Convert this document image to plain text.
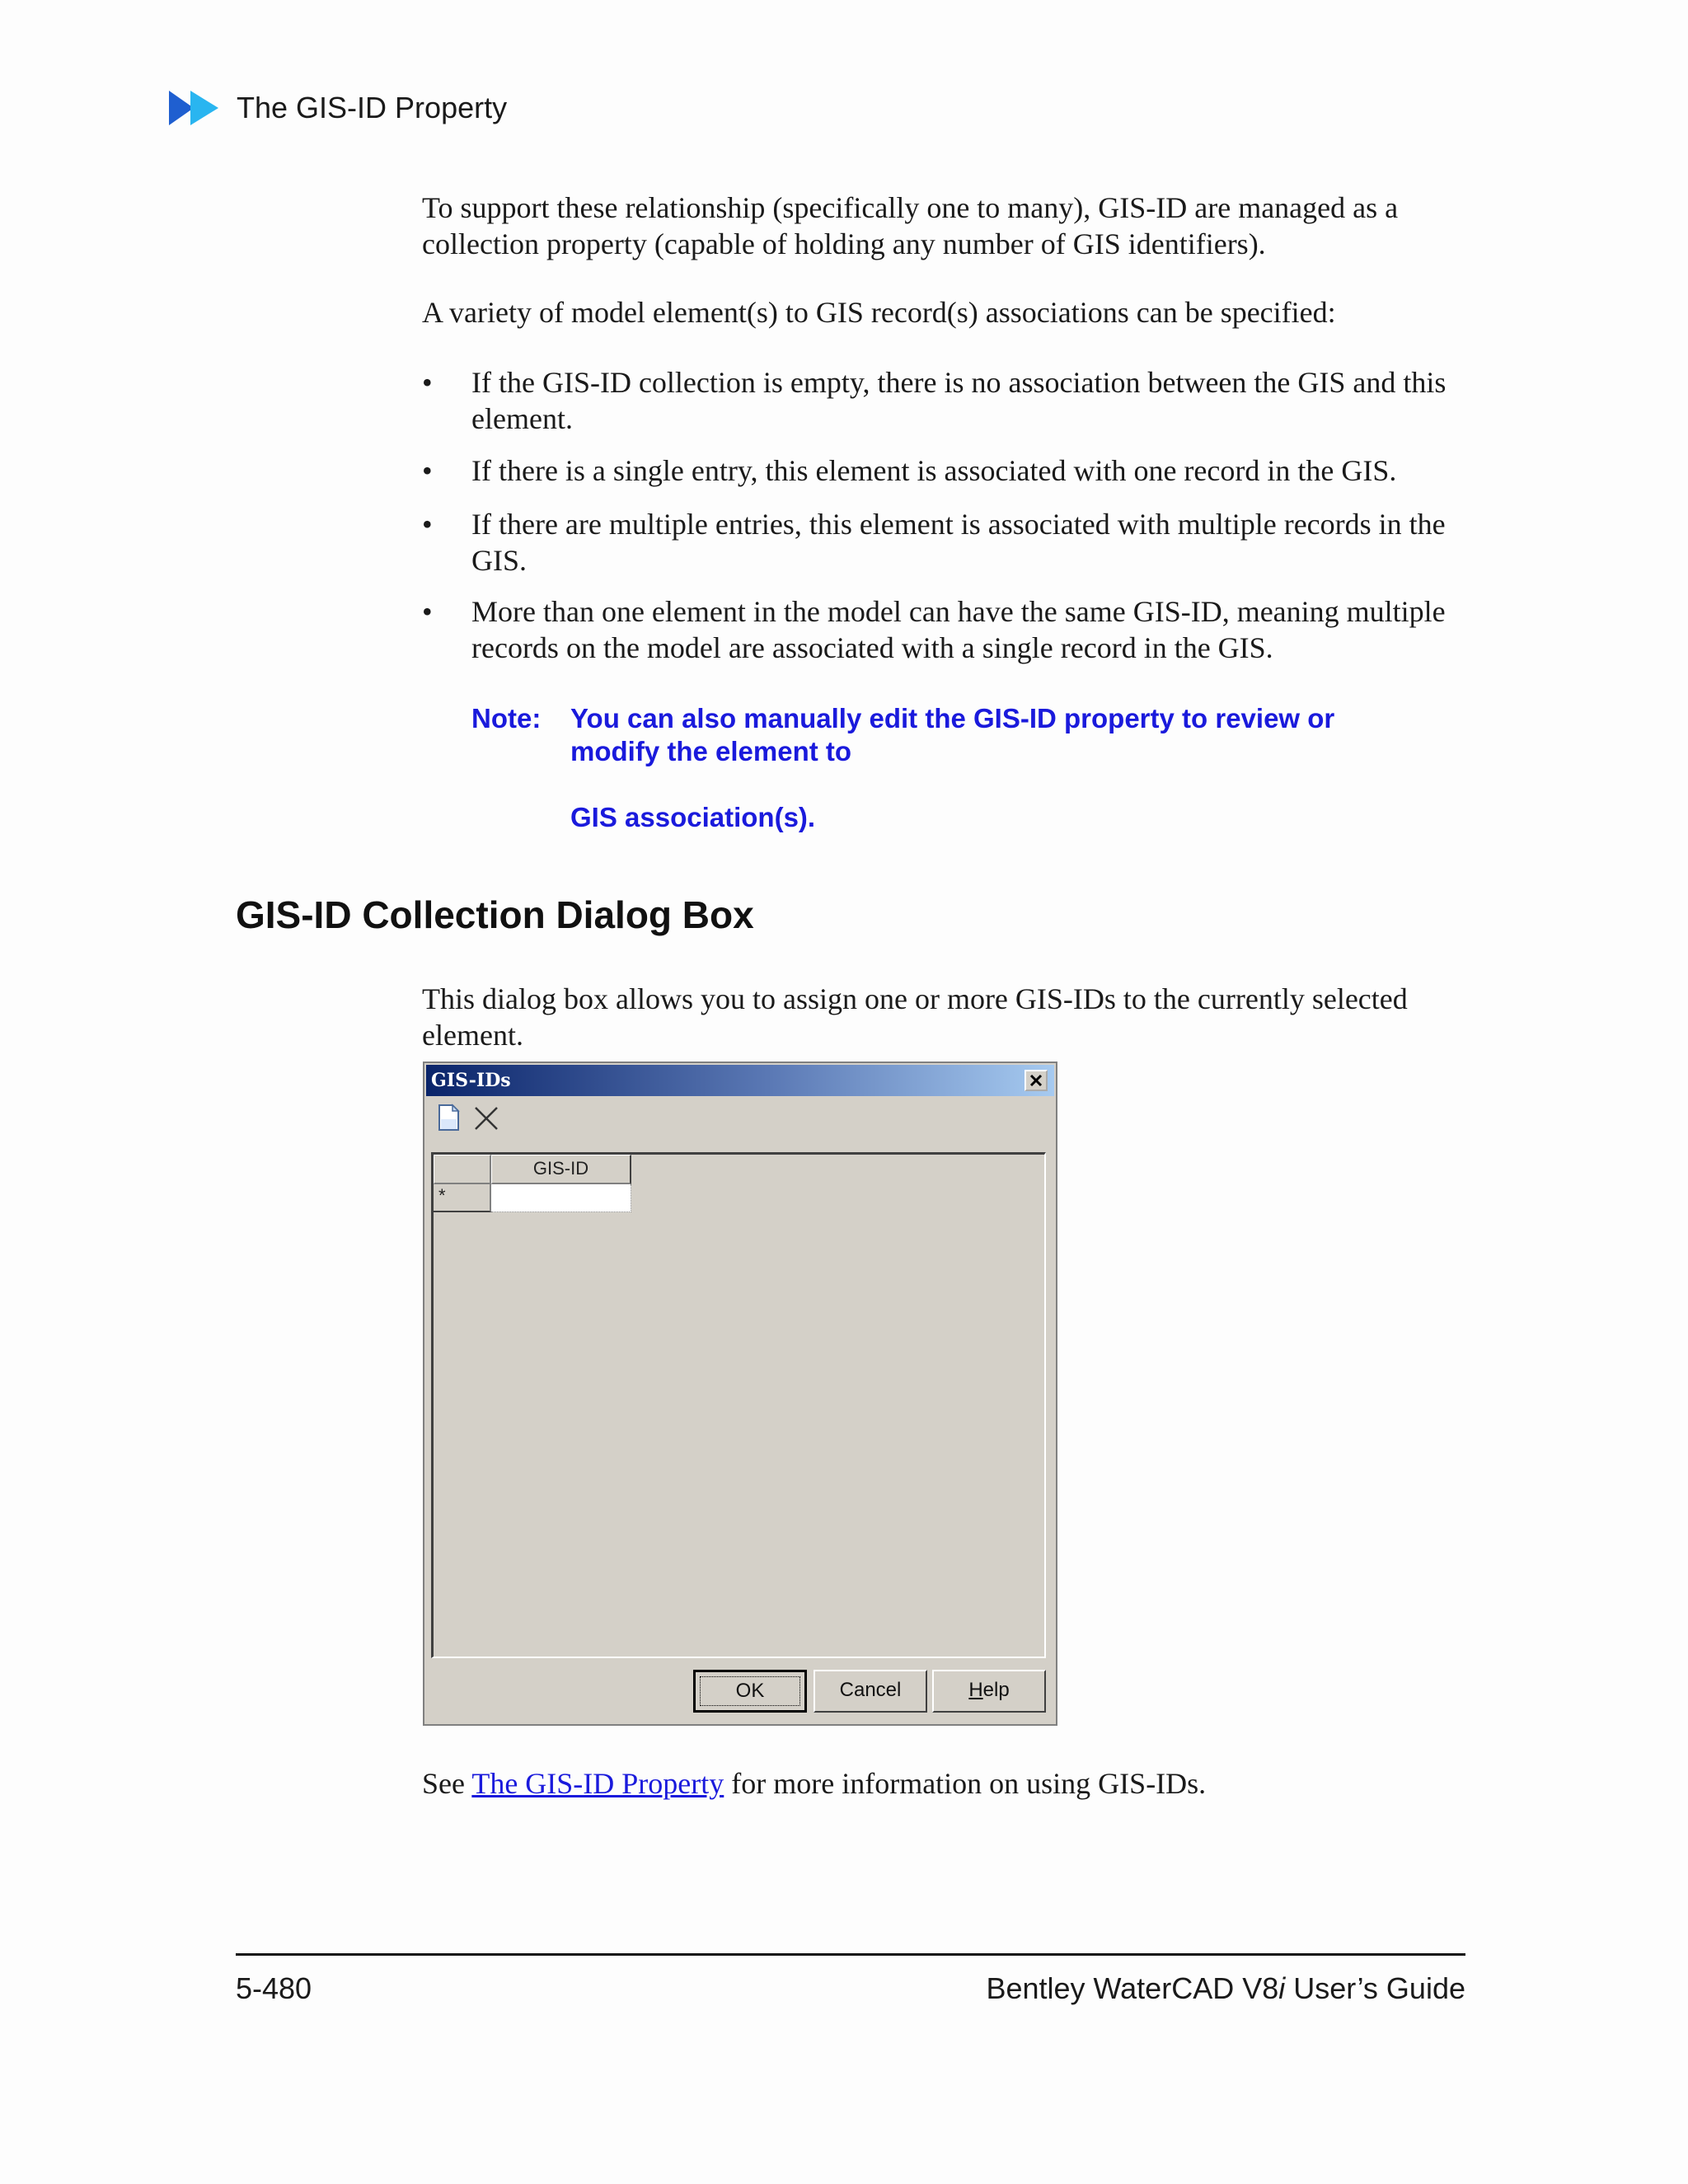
The GIS-ID Property
To support these relationship (specifically one to many), GIS-ID are managed as a collection property (capable of holding any number of GIS identifiers).
A variety of model element(s) to GIS record(s) associations can be specified:
• If the GIS-ID collection is empty, there is no association between the GIS and this element.
• If there is a single entry, this element is associated with one record in the GIS.
• If there are multiple entries, this element is associated with multiple records in the GIS.
• More than one element in the model can have the same GIS-ID, meaning multiple records on the model are associated with a single record in the GIS.
Note: You can also manually edit the GIS-ID property to review or modify the element to
GIS association(s).
GIS-ID Collection Dialog Box
This dialog box allows you to assign one or more GIS-IDs to the currently selected element.
GIS-IDs
GIS-ID
*
OK	Cancel	Help
See The GIS-ID Property for more information on using GIS-IDs.
5-480	Bentley WaterCAD V8i User’s Guide
